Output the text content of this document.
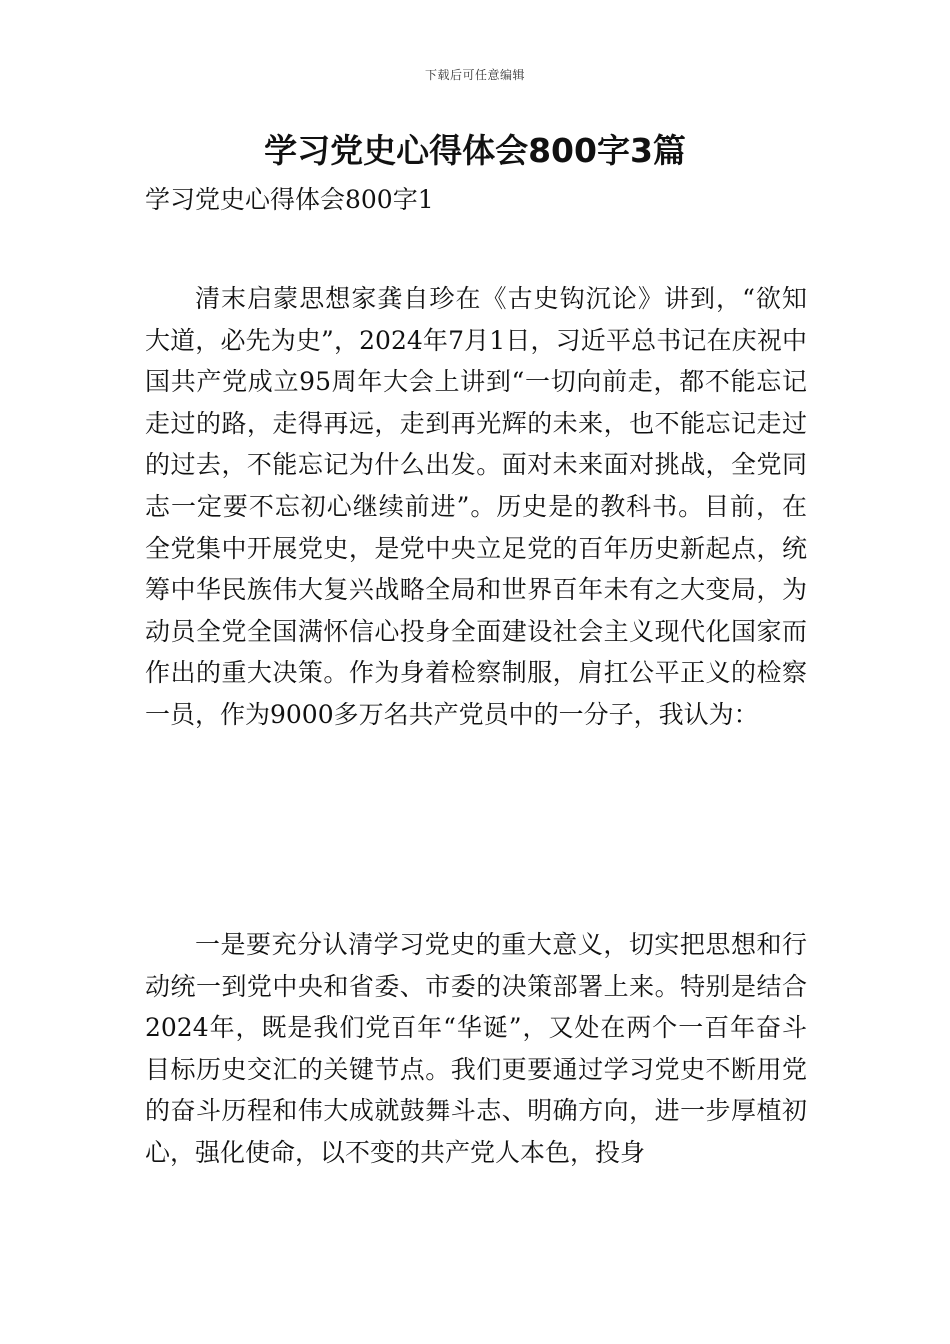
下载后可任意编辑
学习党史心得体会800字3篇

学习党史心得体会800字1

清末启蒙思想家龚自珍在《古史钩沉论》讲到，“欲知大道，必先为史”，2024年7月1日，习近平总书记在庆祝中国共产党成立95周年大会上讲到“一切向前走，都不能忘记走过的路，走得再远，走到再光辉的未来，也不能忘记走过的过去，不能忘记为什么出发。面对未来面对挑战，全党同志一定要不忘初心继续前进”。历史是的教科书。目前，在全党集中开展党史，是党中央立足党的百年历史新起点，统筹中华民族伟大复兴战略全局和世界百年未有之大变局，为动员全党全国满怀信心投身全面建设社会主义现代化国家而作出的重大决策。作为身着检察制服，肩扛公平正义的检察一员，作为9000多万名共产党员中的一分子，我认为：

一是要充分认清学习党史的重大意义，切实把思想和行动统一到党中央和省委、市委的决策部署上来。特别是结合2024年，既是我们党百年“华诞”，又处在两个一百年奋斗目标历史交汇的关键节点。我们更要通过学习党史不断用党的奋斗历程和伟大成就鼓舞斗志、明确方向，进一步厚植初心，强化使命，以不变的共产党人本色，投身
